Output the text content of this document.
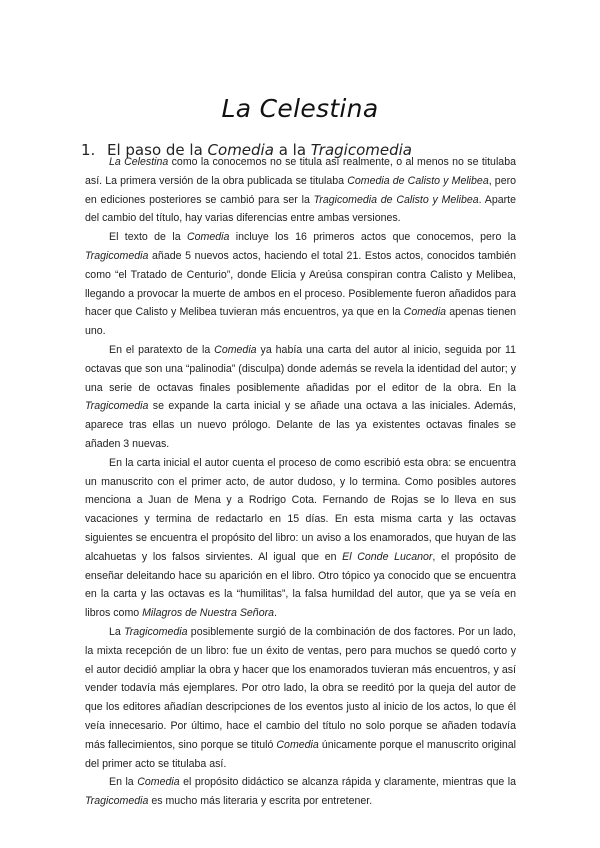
La Celestina
1. El paso de la Comedia a la Tragicomedia

La Celestina como la conocemos no se titula así realmente, o al menos no se titulaba así. La primera versión de la obra publicada se titulaba Comedia de Calisto y Melibea, pero en ediciones posteriores se cambió para ser la Tragicomedia de Calisto y Melibea. Aparte del cambio del título, hay varias diferencias entre ambas versiones.

El texto de la Comedia incluye los 16 primeros actos que conocemos, pero la Tragicomedia añade 5 nuevos actos, haciendo el total 21. Estos actos, conocidos también como “el Tratado de Centurio”, donde Elicia y Areúsa conspiran contra Calisto y Melibea, llegando a provocar la muerte de ambos en el proceso. Posiblemente fueron añadidos para hacer que Calisto y Melibea tuvieran más encuentros, ya que en la Comedia apenas tienen uno.

En el paratexto de la Comedia ya había una carta del autor al inicio, seguida por 11 octavas que son una “palinodia” (disculpa) donde además se revela la identidad del autor; y una serie de octavas finales posiblemente añadidas por el editor de la obra. En la Tragicomedia se expande la carta inicial y se añade una octava a las iniciales. Además, aparece tras ellas un nuevo prólogo. Delante de las ya existentes octavas finales se añaden 3 nuevas.

En la carta inicial el autor cuenta el proceso de como escribió esta obra: se encuentra un manuscrito con el primer acto, de autor dudoso, y lo termina. Como posibles autores menciona a Juan de Mena y a Rodrigo Cota. Fernando de Rojas se lo lleva en sus vacaciones y termina de redactarlo en 15 días. En esta misma carta y las octavas siguientes se encuentra el propósito del libro: un aviso a los enamorados, que huyan de las alcahuetas y los falsos sirvientes. Al igual que en El Conde Lucanor, el propósito de enseñar deleitando hace su aparición en el libro. Otro tópico ya conocido que se encuentra en la carta y las octavas es la “humilitas”, la falsa humildad del autor, que ya se veía en libros como Milagros de Nuestra Señora.

La Tragicomedia posiblemente surgió de la combinación de dos factores. Por un lado, la mixta recepción de un libro: fue un éxito de ventas, pero para muchos se quedó corto y el autor decidió ampliar la obra y hacer que los enamorados tuvieran más encuentros, y así vender todavía más ejemplares. Por otro lado, la obra se reeditó por la queja del autor de que los editores añadían descripciones de los eventos justo al inicio de los actos, lo que él veía innecesario. Por último, hace el cambio del título no solo porque se añaden todavía más fallecimientos, sino porque se tituló Comedia únicamente porque el manuscrito original del primer acto se titulaba así.

En la Comedia el propósito didáctico se alcanza rápida y claramente, mientras que la Tragicomedia es mucho más literaria y escrita por entretener.
